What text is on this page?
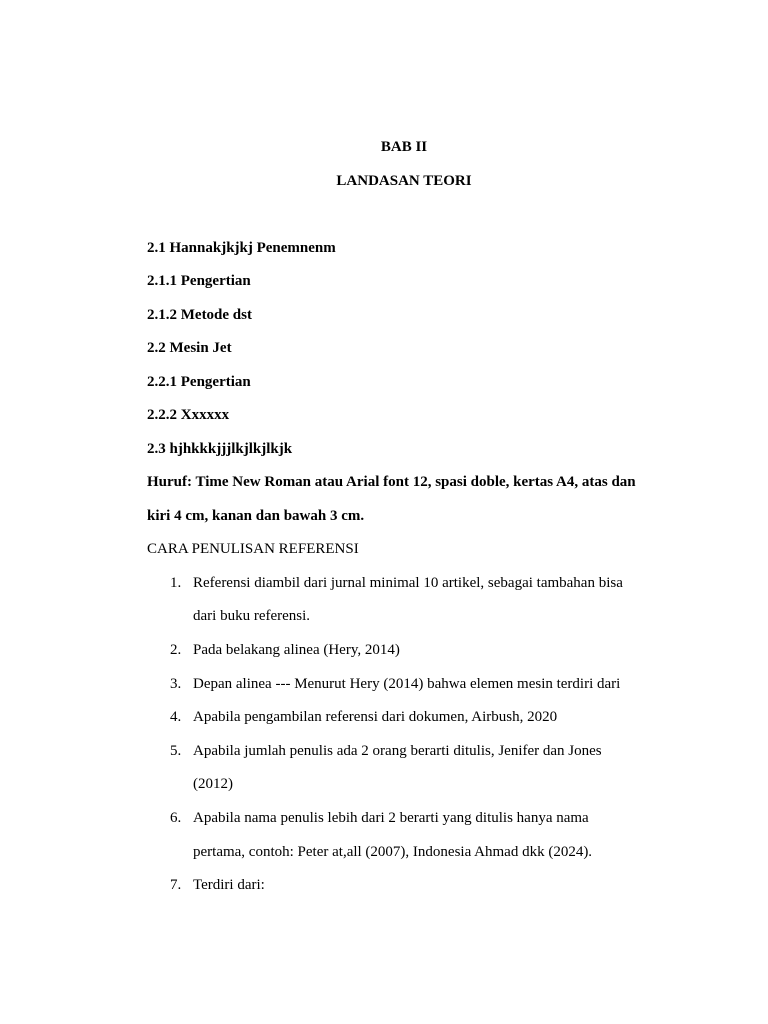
BAB II
LANDASAN TEORI
2.1 Hannakjkjkj Penemnenm
2.1.1 Pengertian
2.1.2 Metode dst
2.2 Mesin Jet
2.2.1 Pengertian
2.2.2 Xxxxxx
2.3 hjhkkkjjjlkjlkjlkjk
Huruf: Time New Roman atau Arial font 12, spasi doble, kertas A4, atas dan
kiri 4 cm, kanan dan bawah 3 cm.
CARA PENULISAN REFERENSI
1. Referensi diambil dari jurnal minimal 10 artikel, sebagai tambahan bisa
dari buku referensi.
2. Pada belakang alinea (Hery, 2014)
3. Depan alinea --- Menurut Hery (2014) bahwa elemen mesin terdiri dari
4. Apabila pengambilan referensi dari dokumen, Airbush, 2020
5. Apabila jumlah penulis ada 2 orang berarti ditulis, Jenifer dan Jones
(2012)
6. Apabila nama penulis lebih dari 2 berarti yang ditulis hanya nama
pertama, contoh: Peter at,all (2007), Indonesia Ahmad dkk (2024).
7. Terdiri dari:
